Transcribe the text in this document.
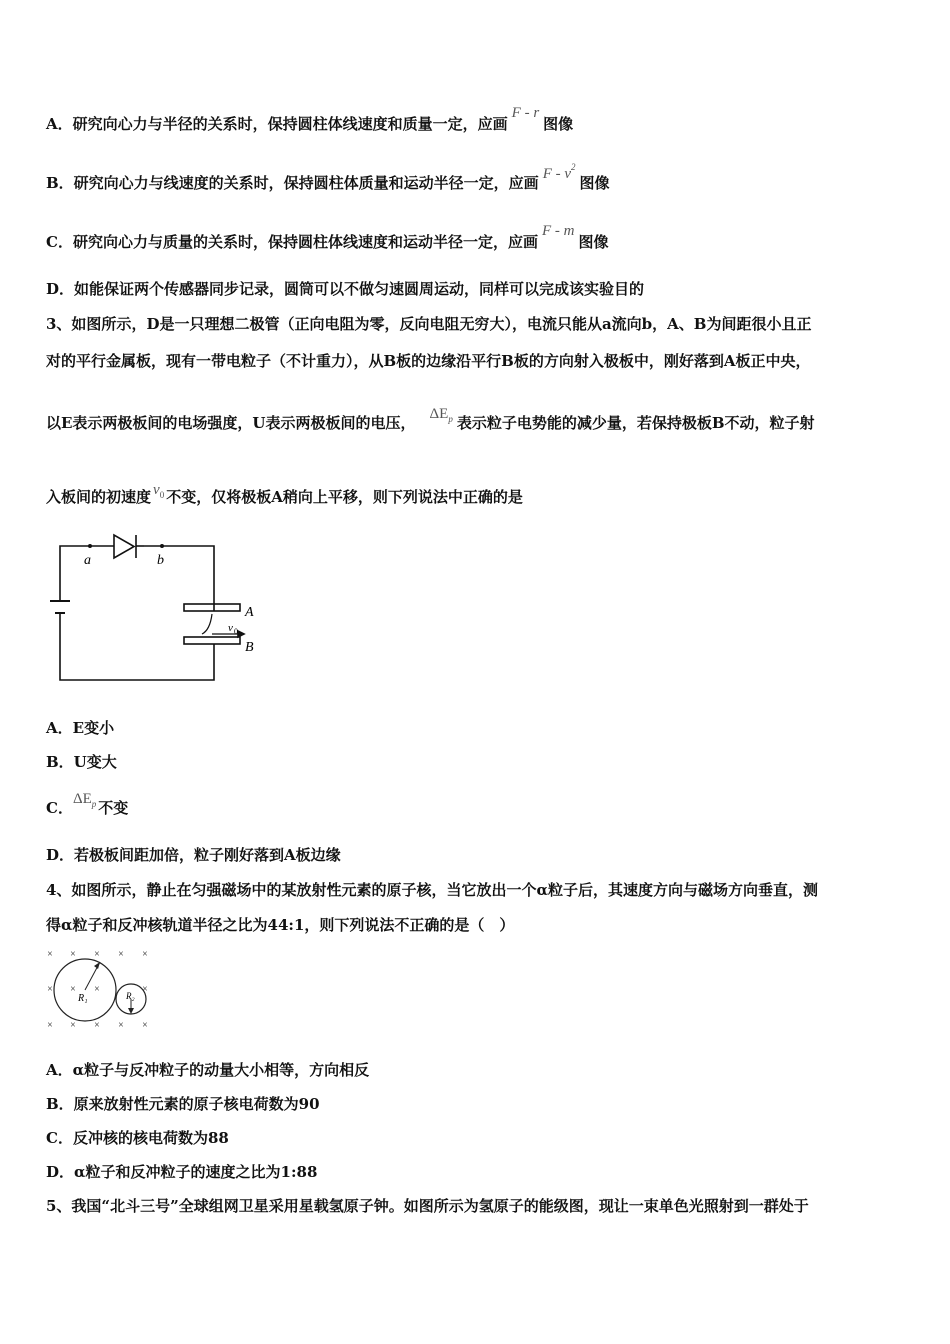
A．研究向心力与半径的关系时，保持圆柱体线速度和质量一定，应画F - r图像
B．研究向心力与线速度的关系时，保持圆柱体质量和运动半径一定，应画 F - $v^2$图像
C．研究向心力与质量的关系时，保持圆柱体线速度和运动半径一定，应画F - m图像
D．如能保证两个传感器同步记录，圆筒可以不做匀速圆周运动，同样可以完成该实验目的
3、如图所示，D是一只理想二极管（正向电阻为零，反向电阻无穷大），电流只能从a流向b，A、B为间距很小且正
对的平行金属板，现有一带电粒子（不计重力），从B板的边缘沿平行B板的方向射入极板中，刚好落到A板正中央，
以E表示两极板间的电场强度，U表示两极板间的电压， $\Delta E_p$ 表示粒子电势能的减少量，若保持极板B不动，粒子射
入板间的初速度 $v_0$ 不变，仅将极板A稍向上平移，则下列说法中正确的是
a	b
A
B
v 0
A．E变小
B．U变大
C．$\Delta E_p$ 不变
D．若极板间距加倍，粒子刚好落到A板边缘
4、如图所示，静止在匀强磁场中的某放射性元素的原子核，当它放出一个α粒子后，其速度方向与磁场方向垂直，测
得α粒子和反冲核轨道半径之比为44:1，则下列说法不正确的是（　）
× × × × ×
× × ×	×
× × × × ×
R₁	R₂
A．α粒子与反冲粒子的动量大小相等，方向相反
B．原来放射性元素的原子核电荷数为90
C．反冲核的核电荷数为88
D．α粒子和反冲粒子的速度之比为1:88
5、我国“北斗三号”全球组网卫星采用星载氢原子钟。如图所示为氢原子的能级图，现让一束单色光照射到一群处于
